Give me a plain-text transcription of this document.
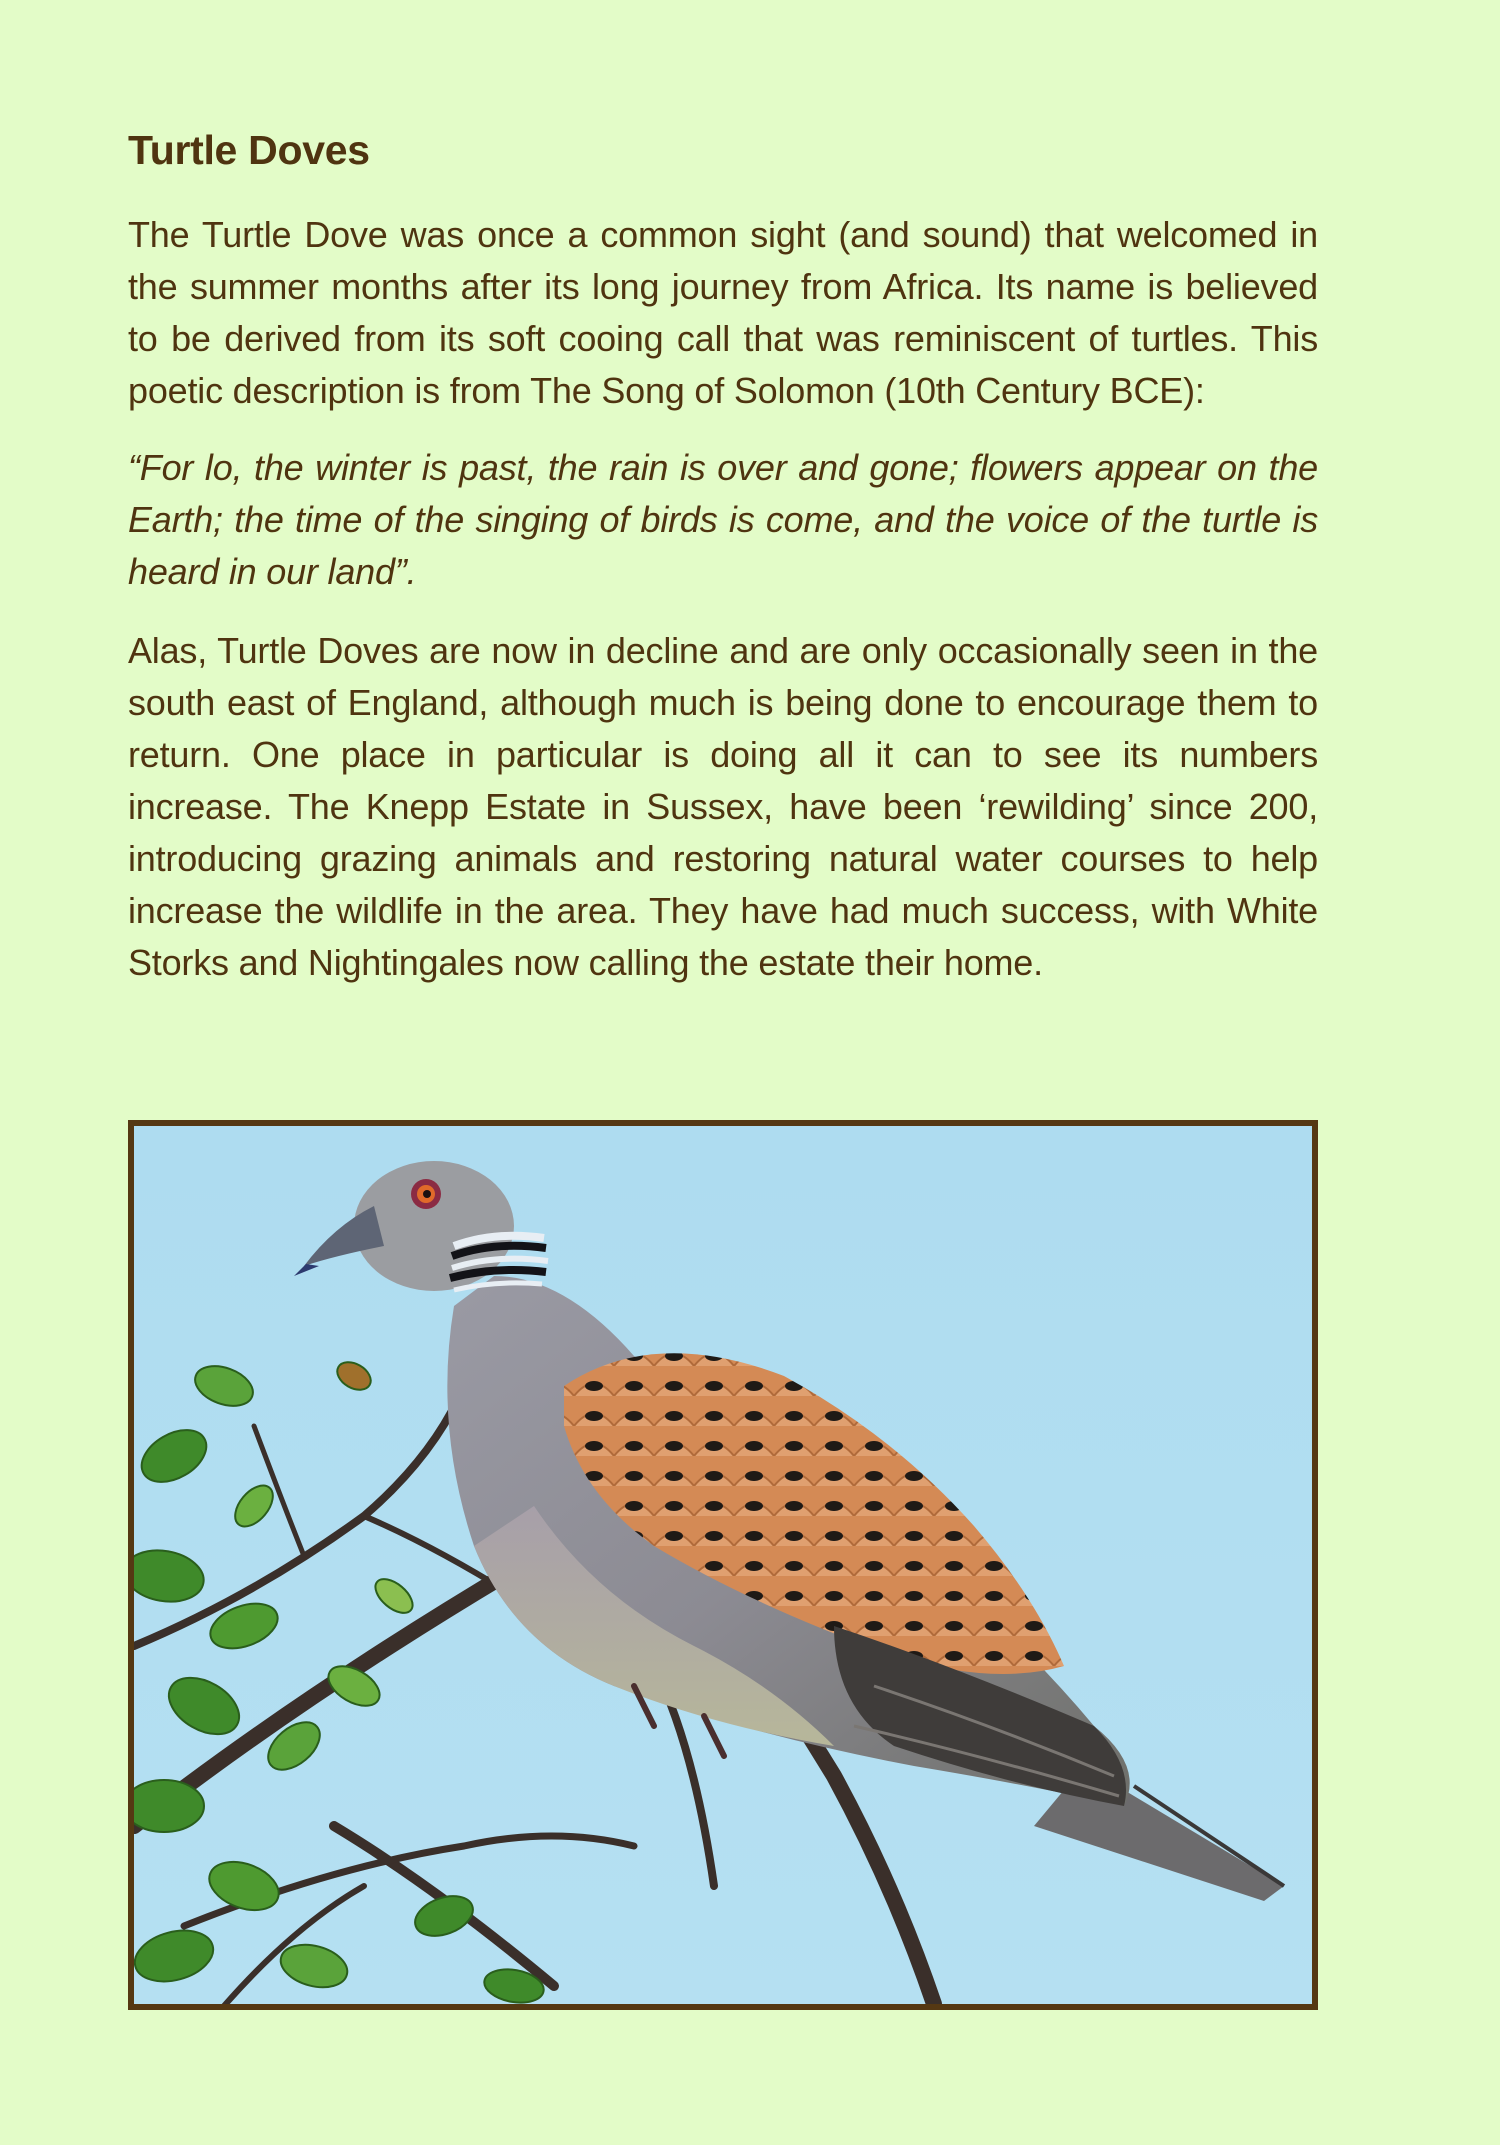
Turtle Doves

The Turtle Dove was once a common sight (and sound) that welcomed in the summer months after its long journey from Africa. Its name is believed to be derived from its soft cooing call that was reminiscent of turtles. This poetic description is from The Song of Solomon (10th Century BCE):

“For lo, the winter is past, the rain is over and gone; flowers appear on the Earth; the time of the singing of birds is come, and the voice of the turtle is heard in our land”.

Alas, Turtle Doves are now in decline and are only occasionally seen in the south east of England, although much is being done to encourage them to return. One place in particular is doing all it can to see its numbers increase. The Knepp Estate in Sussex, have been ‘rewilding’ since 200, introducing grazing animals and restoring natural water courses to help increase the wildlife in the area. They have had much success, with White Storks and Nightingales now calling the estate their home.
